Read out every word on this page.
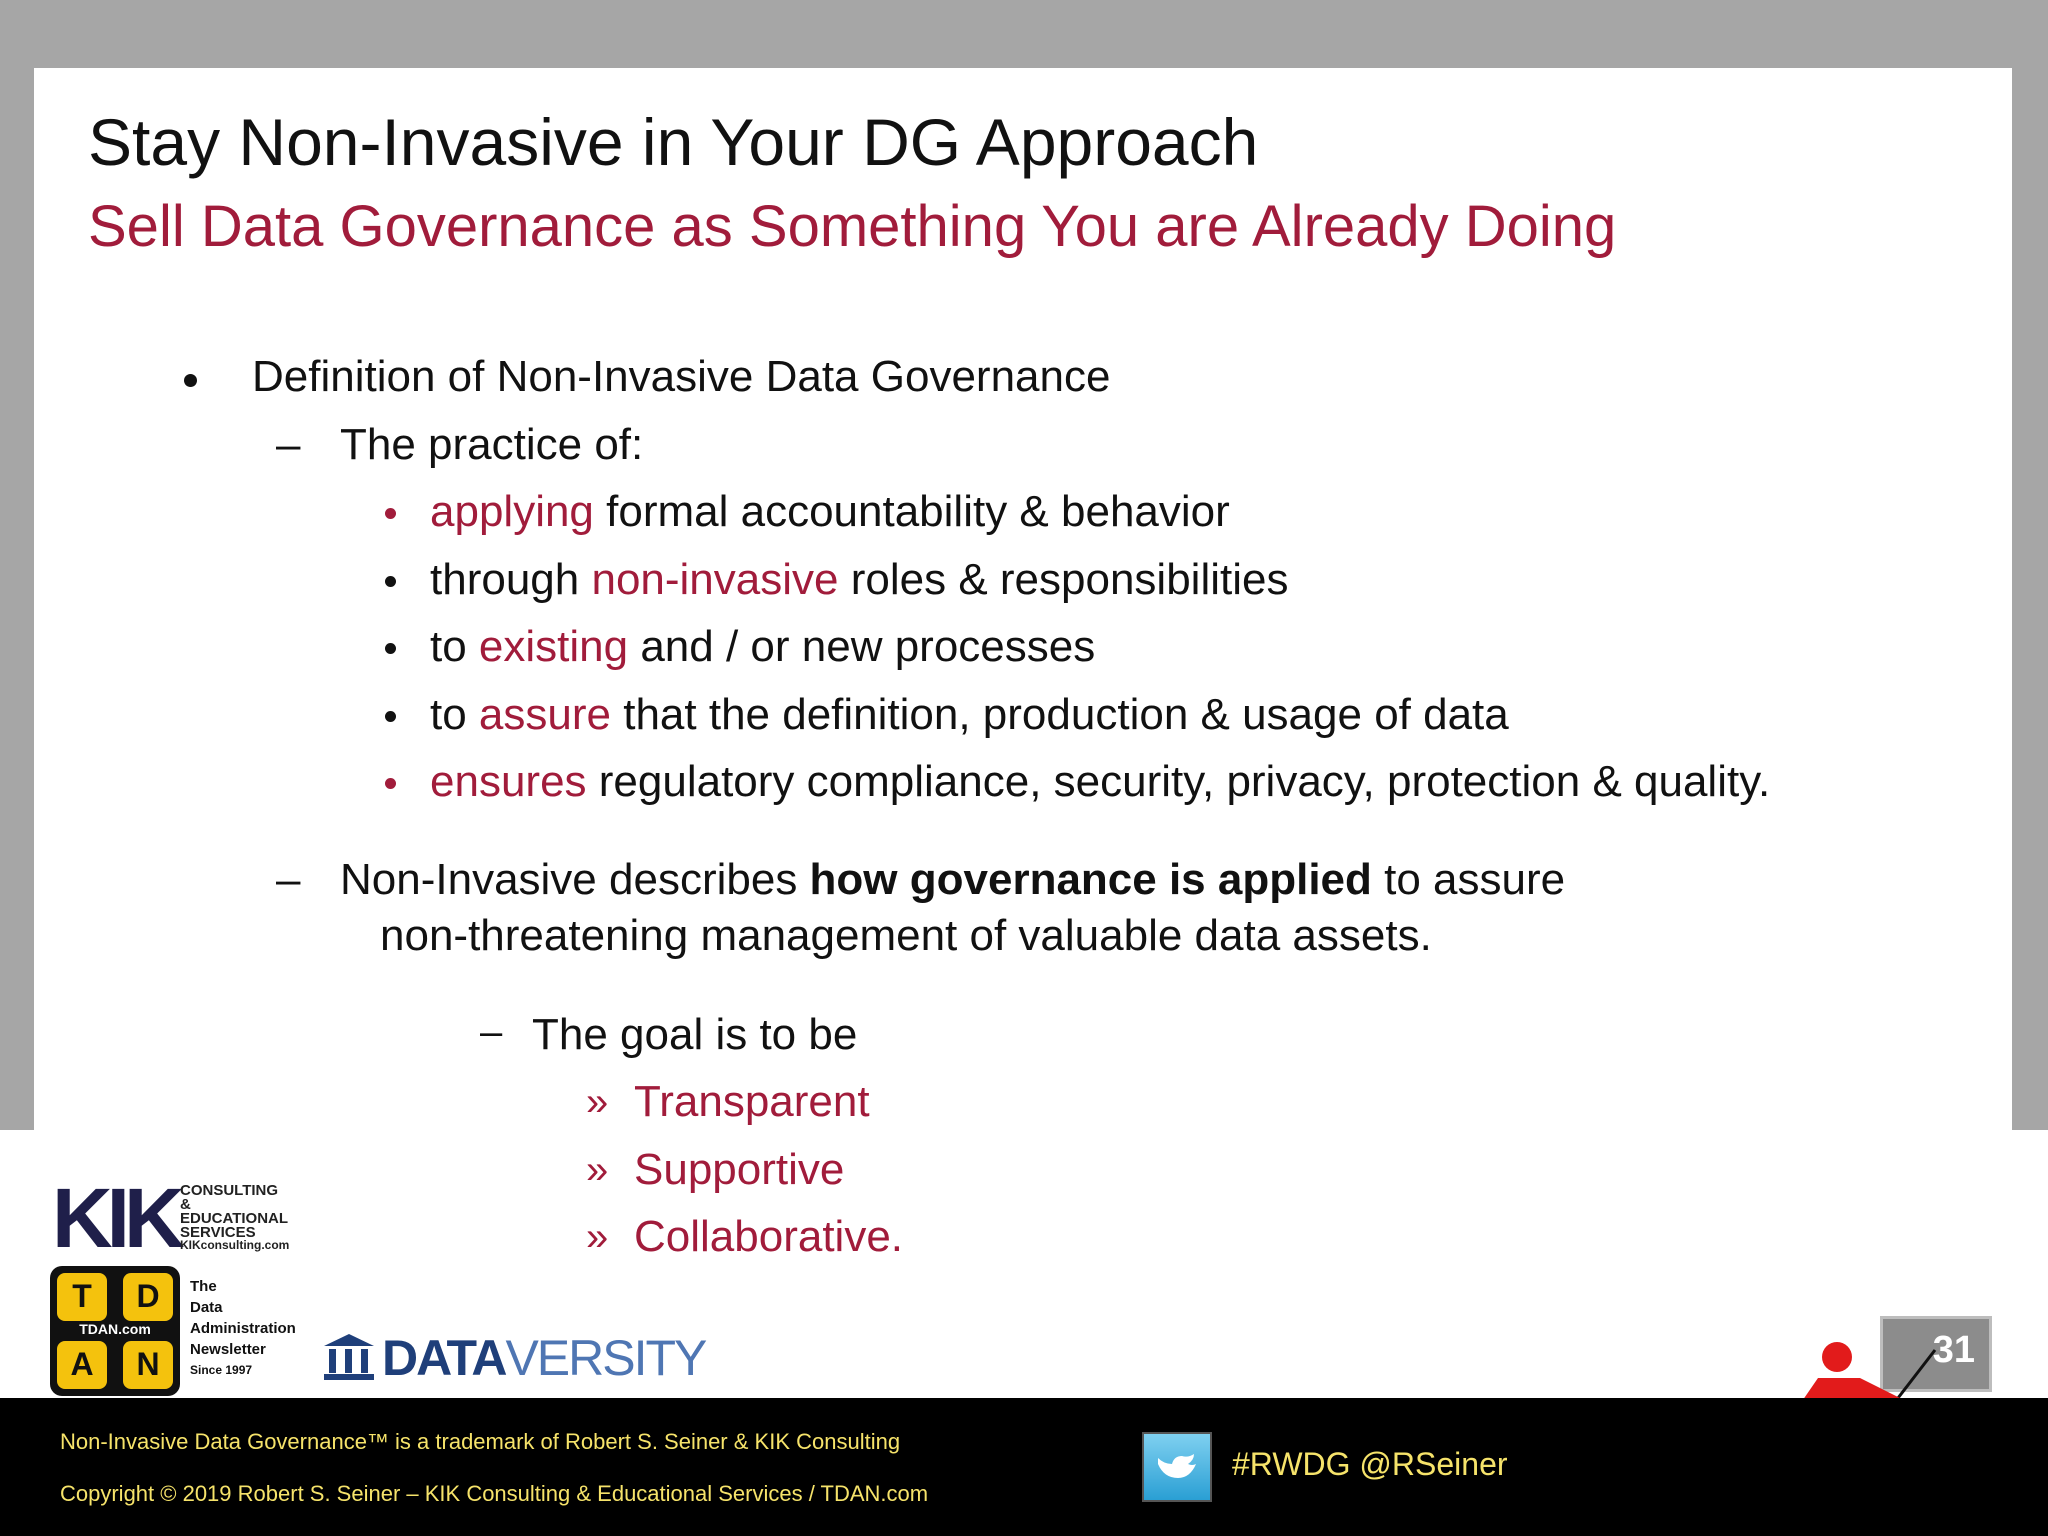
Stay Non-Invasive in Your DG Approach
Sell Data Governance as Something You are Already Doing
Definition of Non-Invasive Data Governance
– The practice of:
applying formal accountability & behavior
through non-invasive roles & responsibilities
to existing and / or new processes
to assure that the definition, production & usage of data
ensures regulatory compliance, security, privacy, protection & quality.
– Non-Invasive describes how governance is applied to assure
non-threatening management of valuable data assets.
– The goal is to be
» Transparent
» Supportive
» Collaborative.
KIK CONSULTING &
EDUCATIONAL
SERVICES
KIKconsulting.com
T	D
A	N
TDAN.com
The
Data
Administration
Newsletter
Since 1997	DATAVERSITY	31
Non-Invasive Data Governance™ is a trademark of Robert S. Seiner & KIK Consulting
Copyright © 2019 Robert S. Seiner – KIK Consulting & Educational Services / TDAN.com
#RWDG @RSeiner
